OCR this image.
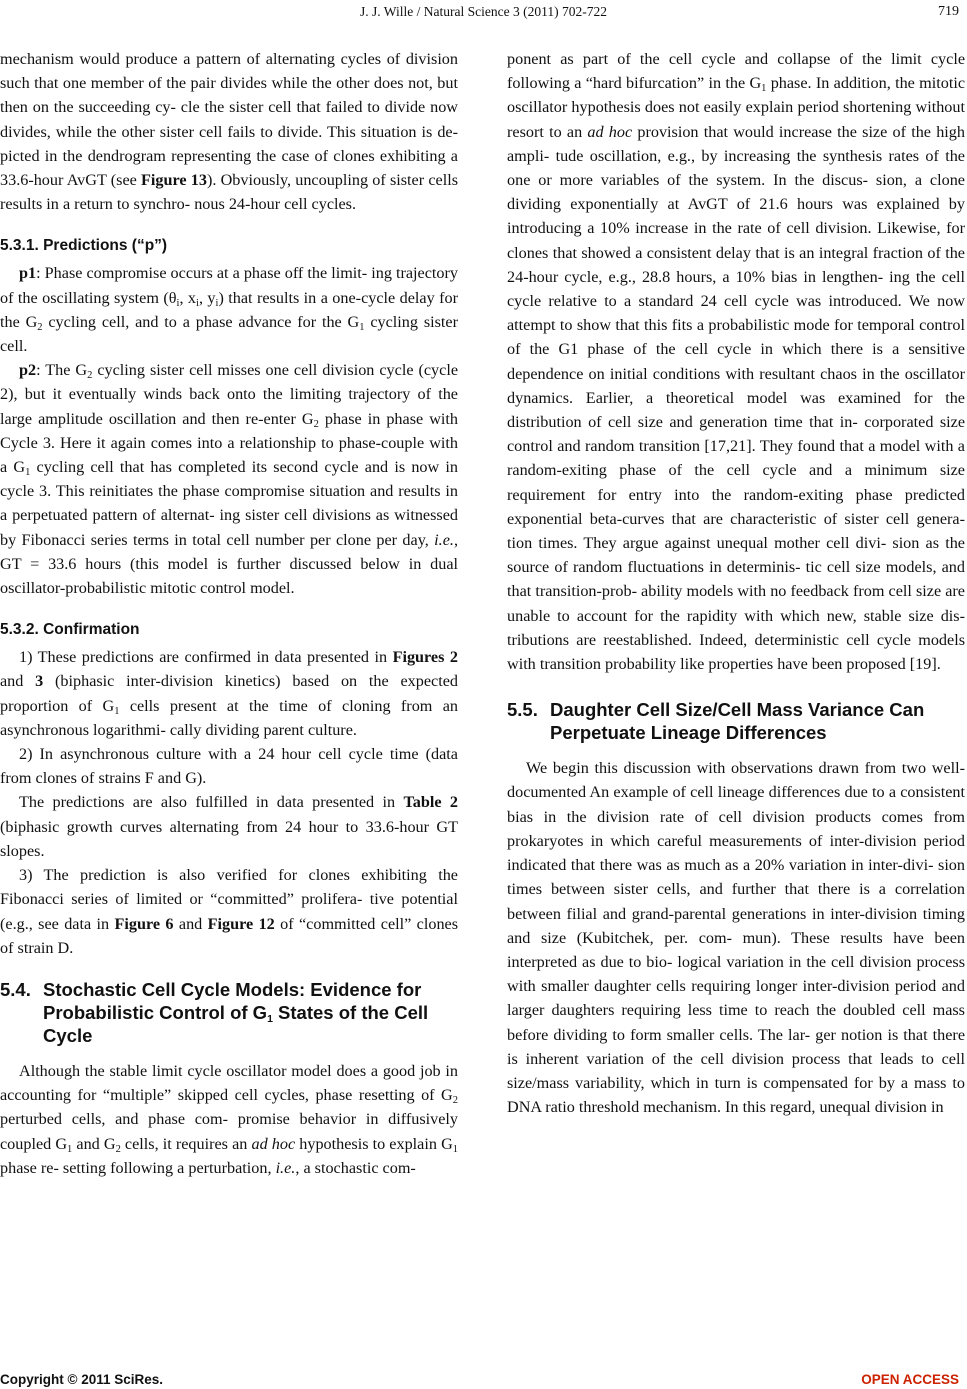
J. J. Wille / Natural Science 3 (2011) 702-722	719

mechanism would produce a pattern of alternating cycles of division such that one member of the pair divides while the other does not, but then on the succeeding cy- cle the sister cell that failed to divide now divides, while the other sister cell fails to divide. This situation is de- picted in the dendrogram representing the case of clones exhibiting a 33.6-hour AvGT (see Figure 13). Obviously, uncoupling of sister cells results in a return to synchro- nous 24-hour cell cycles.

5.3.1. Predictions (“p”)

p1: Phase compromise occurs at a phase off the limit- ing trajectory of the oscillating system ($\theta_i$, $x_i$, $y_i$) that results in a one-cycle delay for the $G_2$ cycling cell, and to a phase advance for the $G_1$ cycling sister cell.

p2: The $G_2$ cycling sister cell misses one cell division cycle (cycle 2), but it eventually winds back onto the limiting trajectory of the large amplitude oscillation and then re-enter $G_2$ phase in phase with Cycle 3. Here it again comes into a relationship to phase-couple with a $G_1$ cycling cell that has completed its second cycle and is now in cycle 3. This reinitiates the phase compromise situation and results in a perpetuated pattern of alternat- ing sister cell divisions as witnessed by Fibonacci series terms in total cell number per clone per day, i.e., GT = 33.6 hours (this model is further discussed below in dual oscillator-probabilistic mitotic control model.

5.3.2. Confirmation

1) These predictions are confirmed in data presented in Figures 2 and 3 (biphasic inter-division kinetics) based on the expected proportion of $G_1$ cells present at the time of cloning from an asynchronous logarithmi- cally dividing parent culture.

2) In asynchronous culture with a 24 hour cell cycle time (data from clones of strains F and G).

The predictions are also fulfilled in data presented in Table 2 (biphasic growth curves alternating from 24 hour to 33.6-hour GT slopes.

3) The prediction is also verified for clones exhibiting the Fibonacci series of limited or “committed” prolifera- tive potential (e.g., see data in Figure 6 and Figure 12 of “committed cell” clones of strain D.

5.4. Stochastic Cell Cycle Models: Evidence for Probabilistic Control of $G_1$ States of the Cell Cycle

Although the stable limit cycle oscillator model does a good job in accounting for “multiple” skipped cell cycles, phase resetting of $G_2$ perturbed cells, and phase com- promise behavior in diffusively coupled $G_1$ and $G_2$ cells, it requires an ad hoc hypothesis to explain $G_1$ phase re- setting following a perturbation, i.e., a stochastic com-

ponent as part of the cell cycle and collapse of the limit cycle following a “hard bifurcation” in the $G_1$ phase. In addition, the mitotic oscillator hypothesis does not easily explain period shortening without resort to an ad hoc provision that would increase the size of the high ampli- tude oscillation, e.g., by increasing the synthesis rates of the one or more variables of the system. In the discus- sion, a clone dividing exponentially at AvGT of 21.6 hours was explained by introducing a 10% increase in the rate of cell division. Likewise, for clones that showed a consistent delay that is an integral fraction of the 24-hour cycle, e.g., 28.8 hours, a 10% bias in lengthen- ing the cell cycle relative to a standard 24 cell cycle was introduced. We now attempt to show that this fits a probabilistic mode for temporal control of the G1 phase of the cell cycle in which there is a sensitive dependence on initial conditions with resultant chaos in the oscillator dynamics. Earlier, a theoretical model was examined for the distribution of cell size and generation time that in- corporated size control and random transition [17,21]. They found that a model with a random-exiting phase of the cell cycle and a minimum size requirement for entry into the random-exiting phase predicted exponential beta-curves that are characteristic of sister cell genera- tion times. They argue against unequal mother cell divi- sion as the source of random fluctuations in determinis- tic cell size models, and that transition-prob- ability models with no feedback from cell size are unable to account for the rapidity with which new, stable size dis- tributions are reestablished. Indeed, deterministic cell cycle models with transition probability like properties have been proposed [19].

5.5. Daughter Cell Size/Cell Mass Variance Can Perpetuate Lineage Differences

We begin this discussion with observations drawn from two well-documented An example of cell lineage differences due to a consistent bias in the division rate of cell division products comes from prokaryotes in which careful measurements of inter-division period indicated that there was as much as a 20% variation in inter-divi- sion times between sister cells, and further that there is a correlation between filial and grand-parental generations in inter-division timing and size (Kubitchek, per. com- mun). These results have been interpreted as due to bio- logical variation in the cell division process with smaller daughter cells requiring longer inter-division period and larger daughters requiring less time to reach the doubled cell mass before dividing to form smaller cells. The lar- ger notion is that there is inherent variation of the cell division process that leads to cell size/mass variability, which in turn is compensated for by a mass to DNA ratio threshold mechanism. In this regard, unequal division in

Copyright © 2011 SciRes.	OPEN ACCESS
